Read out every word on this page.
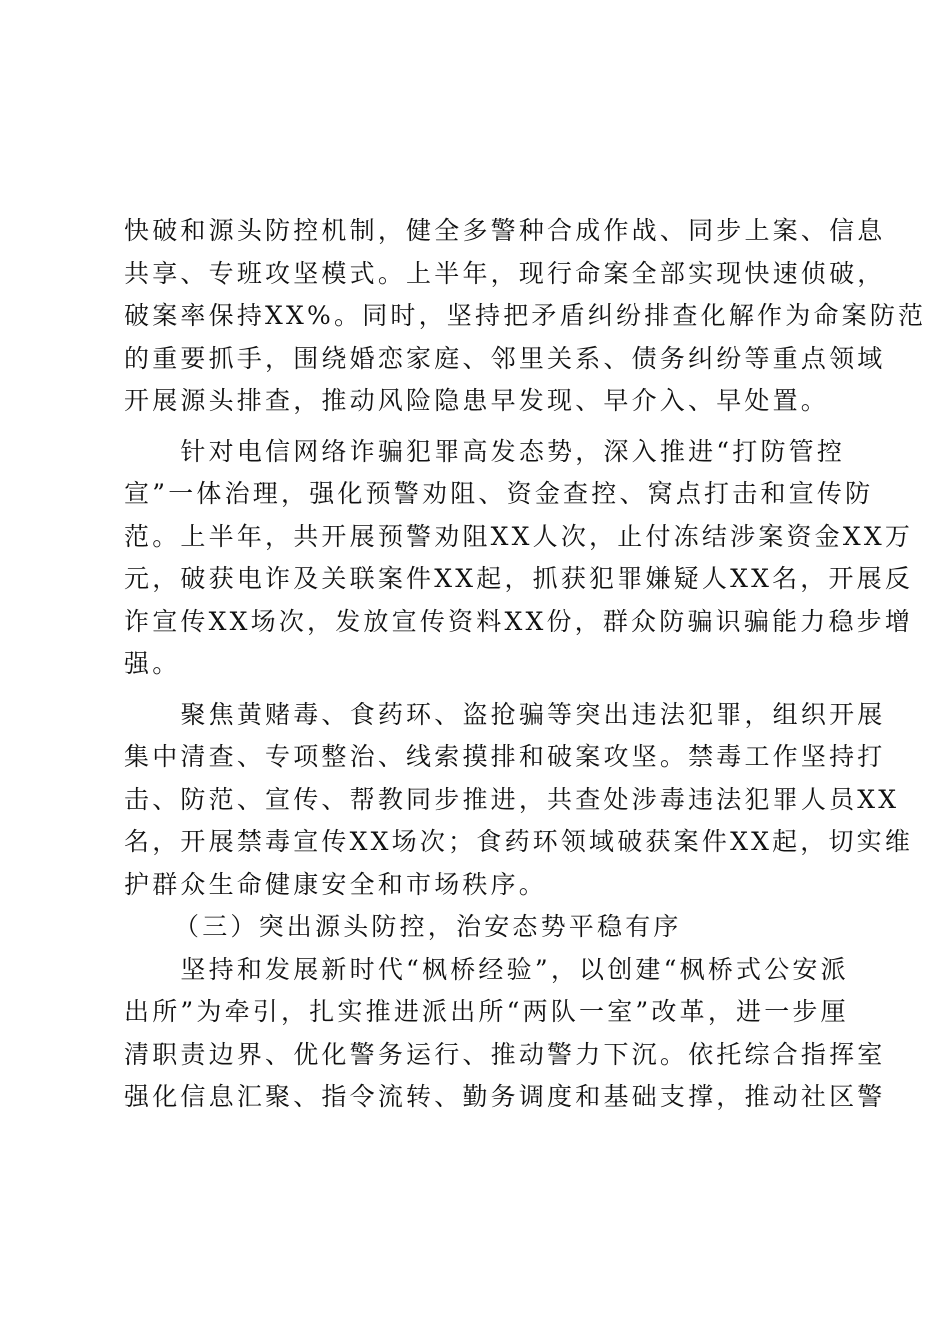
快 破 和 源 头 防 控 机 制 ， 健 全 多 警 种 合 成 作 战 、 同 步 上 案 、 信 息
共 享 、 专 班 攻 坚 模 式 。 上 半 年 ， 现 行 命 案 全 部 实 现 快 速 侦 破 ，
破 案 率 保 持 X X % 。 同 时 ， 坚 持 把 矛 盾 纠 纷 排 查 化 解 作 为 命 案 防 范
的 重 要 抓 手 ， 围 绕 婚 恋 家 庭 、 邻 里 关 系 、 债 务 纠 纷 等 重 点 领 域
开展源头排查，推动风险隐患早发现、早介入、早处置。

针 对 电 信 网 络 诈 骗 犯 罪 高 发 态 势 ， 深 入 推 进 “ 打 防 管 控
宣 ” 一 体 治 理 ， 强 化 预 警 劝 阻 、 资 金 查 控 、 窝 点 打 击 和 宣 传 防
范 。 上 半 年 ， 共 开 展 预 警 劝 阻 X X 人 次 ， 止 付 冻 结 涉 案 资 金 X X 万
元 ， 破 获 电 诈 及 关 联 案 件 X X 起 ， 抓 获 犯 罪 嫌 疑 人 X X 名 ， 开 展 反
诈 宣 传 X X 场 次 ， 发 放 宣 传 资 料 X X 份 ， 群 众 防 骗 识 骗 能 力 稳 步 增
强。

聚 焦 黄 赌 毒 、 食 药 环 、 盗 抢 骗 等 突 出 违 法 犯 罪 ， 组 织 开 展
集 中 清 查 、 专 项 整 治 、 线 索 摸 排 和 破 案 攻 坚 。 禁 毒 工 作 坚 持 打
击 、 防 范 、 宣 传 、 帮 教 同 步 推 进 ， 共 查 处 涉 毒 违 法 犯 罪 人 员 X X
名 ， 开 展 禁 毒 宣 传 X X 场 次 ； 食 药 环 领 域 破 获 案 件 X X 起 ， 切 实 维
护群众生命健康安全和市场秩序。
（三）突出源头防控，治安态势平稳有序

坚 持 和 发 展 新 时 代 “ 枫 桥 经 验 ” ， 以 创 建 “ 枫 桥 式 公 安 派
出 所 ” 为 牵 引 ， 扎 实 推 进 派 出 所 “ 两 队 一 室 ” 改 革 ， 进 一 步 厘
清 职 责 边 界 、 优 化 警 务 运 行 、 推 动 警 力 下 沉 。 依 托 综 合 指 挥 室
强 化 信 息 汇 聚 、 指 令 流 转 、 勤 务 调 度 和 基 础 支 撑 ， 推 动 社 区 警
